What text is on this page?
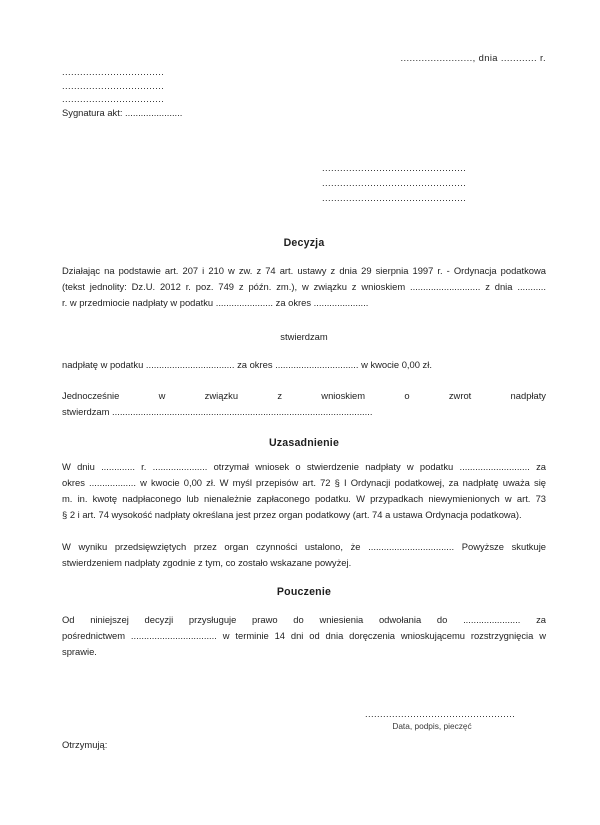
........................, dnia ............ r.
..................................
..................................
..................................
Sygnatura akt: ......................
................................................
................................................
................................................
Decyzja
Działając na podstawie art. 207 i 210 w zw. z 74 art. ustawy z dnia 29 sierpnia 1997 r. - Ordynacja podatkowa
(tekst jednolity: Dz.U. 2012 r. poz. 749 z późn. zm.), w związku z wnioskiem ........................... z dnia ...........
r. w przedmiocie nadpłaty w podatku ...................... za okres .....................
stwierdzam
nadpłatę w podatku .................................. za okres ................................ w kwocie 0,00 zł.
Jednocześnie w związku z wnioskiem o zwrot nadpłaty
stwierdzam ....................................................................................................
Uzasadnienie
W dniu ............. r. ..................... otrzymał wniosek o stwierdzenie nadpłaty w podatku ........................... za
okres .................. w kwocie 0,00 zł. W myśl przepisów art. 72 § I Ordynacji podatkowej, za nadpłatę uważa się
m. in. kwotę nadpłaconego lub nienależnie zapłaconego podatku. W przypadkach niewymienionych w art. 73
§ 2 i art. 74 wysokość nadpłaty określana jest przez organ podatkowy (art. 74 a ustawa Ordynacja podatkowa).
W wyniku przedsięwziętych przez organ czynności ustalono, że ................................. Powyższe skutkuje
stwierdzeniem nadpłaty zgodnie z tym, co zostało wskazane powyżej.
Pouczenie
Od niniejszej decyzji przysługuje prawo do wniesienia odwołania do ...................... za
pośrednictwem ................................. w terminie 14 dni od dnia doręczenia wnioskującemu rozstrzygnięcia w
sprawie.
..................................................
Data, podpis, pieczęć
Otrzymują:
